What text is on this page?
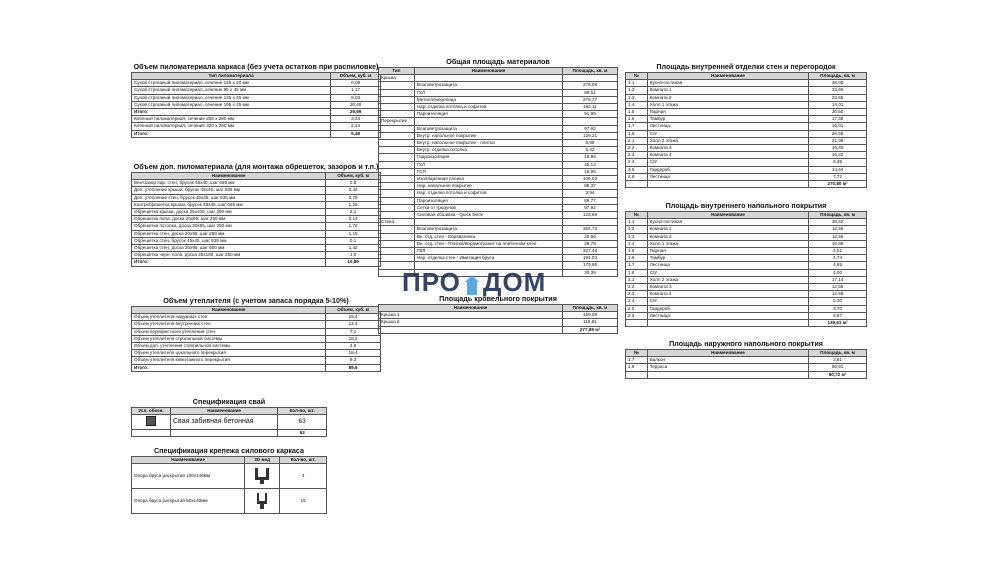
Объем пиломатериала каркаса (без учета остатков при распиловке)
Тип пиломатериала	Объем, куб. м
Сухой строганый пиломатериал, сечение 145 x 20 мм	0,09
Сухой строганый пиломатериал, сечение 95 x 45 мм	1,17
Сухой строганый пиломатериал, сечение 145 x 45 мм	8,03
Сухой строганый пиломатериал, сечение 195 x 45 мм	20,40
Итого:	29,69
Клееный пиломатериал, сечение 200 x 200 мм	3,34
Клееный пиломатериал, сечение 320 x 200 мм	2,14
Итого:	5,48
Объем доп. пиломатериала (для монтажа обрешеток, зазоров и т.п.)
Наименование	Объем, куб. м
Вентзазор нар. стен, брусок 45x45, шаг 635 мм	0,8
Доп. утепление крыши, брусок 45x45, шаг 635 мм	0,42
Доп. утепление стен, брусок 45x45, шаг 635 мм	0,79
Контробрешетка крыши, брусок 45x45, шаг 635 мм	1,26
Обрешетка крыши, доска 25x100, шаг 350 мм	2,1
Обрешетка пола, доска 20x95, шаг 250 мм	0,13
Обрешетка потолка, доска 20x95, шаг 250 мм	1,72
Обрешетка стен, доска 20x95, шаг 250 мм	1,15
Обрешетка стен, брусок 45x45, шаг 635 мм	0,1
Обрешетка стен, доска 20x95, шаг 600 мм	1,42
Обрешетка черн. пола, доска 25x100, шаг 250 мм	1,0
Итого:	10,89
Объем утеплителя (с учетом запаса порядка 5-10%)
Наименование	Объем, куб. м
Объем утеплителя наружных стен	19,4
Объем утеплителя внутренних стен	13,4
Объем перекрестного утепления стен	7,1
Объем утеплителя стропильной системы	18,2
Объем доп. утепления стропильной системы	3,8
Объем утеплителя цокольного перекрытия	18,4
Объем утеплителя межэтажного перекрытия	9,3
Итого:	89,6
Спецификация свай
Усл. обозн.	Наименование	Кол-во, шт.
	Свая забивная бетонная	63
		63
Спецификация крепежа силового каркаса
Наименование	3D вид	Кол-во, шт.
Опора бруса раскрытая 100x140мм		4
Опора бруса раскрытая 50x140мм		15
Общая площадь материалов
Тип	Наименование	Площадь, кв. м
Крыша		
	Влаговетрозащита	278,08
	ГКЛ	89,51
	Металлочерепица	278,77
	Нар. отделка потолка и софитов	162,11
	Пароизоляция	91,95
Перекрытие		
	Влаговетрозащита	97,92
	Внутр. напольное покрытие	129,21
	Внутр. напольное покрытие - плитка	8,99
	Внутр. отделка потолка	5,42
	Гидроизоляция	18,96
	ГКЛ	45,13
	ГСП	18,96
	Изоляционная пленка	106,03
	Нар. напольное покрытие	89,37
	Нар. отделка потолка и софитов	3,94
	Пароизоляция	89,77
	Сетка от грызунов	97,92
	Силовая обшивка - Quick Deck	123,68
Стена		
	Влаговетрозащита	354,73
	Вн. отд. стен - Евровагонка	20,66
	Вн. отд. стен - Плитка/Керамогранит на плиточном клее	36,79
	ГВЛ	327,48
	Нар. отделка стен - Имитация бруса	194,03
		179,68
		30,39
Площадь кровельного покрытия
Наименование	Площадь, кв. м
Крыша 1	159,08
Крыша 2	118,81
	277,89 м²
Площадь внутренней отделки стен и перегородок
№	Наименование	Площадь, кв. м
1.1	Кухня-гостиная	38,05
1.2	Комната 1	33,65
1.3	Комната 2	33,65
1.4	Холл 1 этажа	14,01
1.5	Парная	20,60
1.6	Тамбур	17,35
1.7	Лестница	16,01
1.8	С/У	20,59
2.1	Холл 2 этажа	21,06
2.2	Комната 3	16,40
2.3	Комната 4	16,40
2.4	С/У	6,35
2.5	Гардероб	14,64
2.6	Лестница	7,72
		270,80 м²
Площадь внутреннего напольного покрытия
№	Наименование	Площадь, кв. м
1.1	Кухня-гостиная	30,42
1.2	Комната 1	12,56
1.3	Комната 2	12,56
1.4	Холл 1 этажа	10,86
1.5	Парная	4,51
1.6	Тамбур	4,74
1.7	Лестница	4,85
1.8	С/У	4,00
2.1	Холл 2 этажа	17,14
2.2	Комната 3	12,56
2.3	Комната 4	12,56
2.4	С/У	5,30
2.5	Гардероб	3,70
2.6	Лестница	3,87
		139,61 м²
Площадь наружного напольного покрытия
№	Наименование	Площадь, кв. м
1.7	Балкон	3,81
1.9	Терраса	86,91
		90,72 м²
ПРО ДОМ
